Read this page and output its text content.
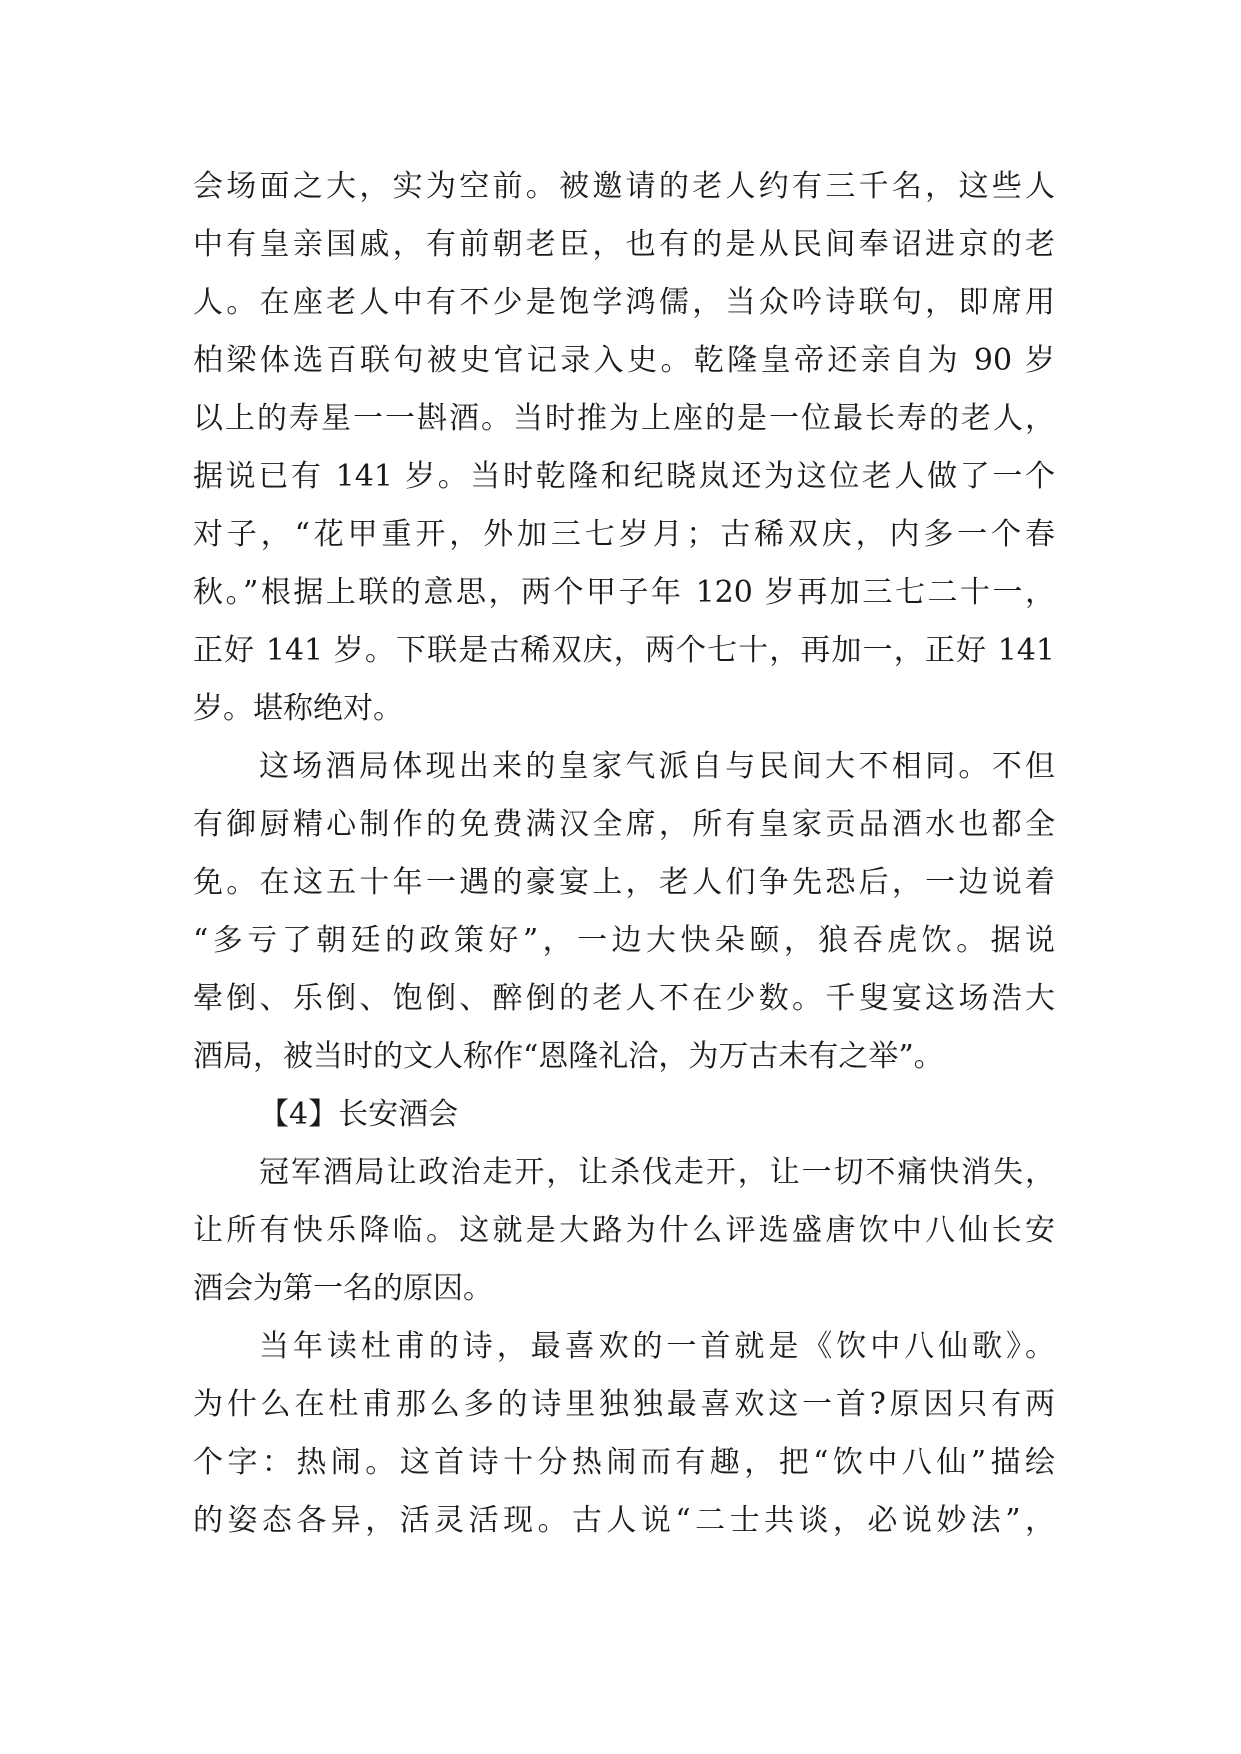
会场面之大，实为空前。被邀请的老人约有三千名，这些人

中有皇亲国戚，有前朝老臣，也有的是从民间奉诏进京的老

人。在座老人中有不少是饱学鸿儒，当众吟诗联句，即席用

柏梁体选百联句被史官记录入史。乾隆皇帝还亲自为 90 岁

以上的寿星一一斟酒。当时推为上座的是一位最长寿的老人，

据说已有 141 岁。当时乾隆和纪晓岚还为这位老人做了一个

对子，“花甲重开，外加三七岁月；古稀双庆，内多一个春

秋。”根据上联的意思，两个甲子年 120 岁再加三七二十一，

正好 141 岁。下联是古稀双庆，两个七十，再加一，正好 141

岁。堪称绝对。

这场酒局体现出来的皇家气派自与民间大不相同。不但

有御厨精心制作的免费满汉全席，所有皇家贡品酒水也都全

免。在这五十年一遇的豪宴上，老人们争先恐后，一边说着

“多亏了朝廷的政策好”，一边大快朵颐，狼吞虎饮。据说

晕倒、乐倒、饱倒、醉倒的老人不在少数。千叟宴这场浩大

酒局，被当时的文人称作“恩隆礼洽，为万古未有之举”。

【4】长安酒会

冠军酒局让政治走开，让杀伐走开，让一切不痛快消失，

让所有快乐降临。这就是大路为什么评选盛唐饮中八仙长安

酒会为第一名的原因。

当年读杜甫的诗，最喜欢的一首就是《饮中八仙歌》。

为什么在杜甫那么多的诗里独独最喜欢这一首?原因只有两

个字：热闹。这首诗十分热闹而有趣，把“饮中八仙”描绘

的姿态各异，活灵活现。古人说“二士共谈，必说妙法”，
